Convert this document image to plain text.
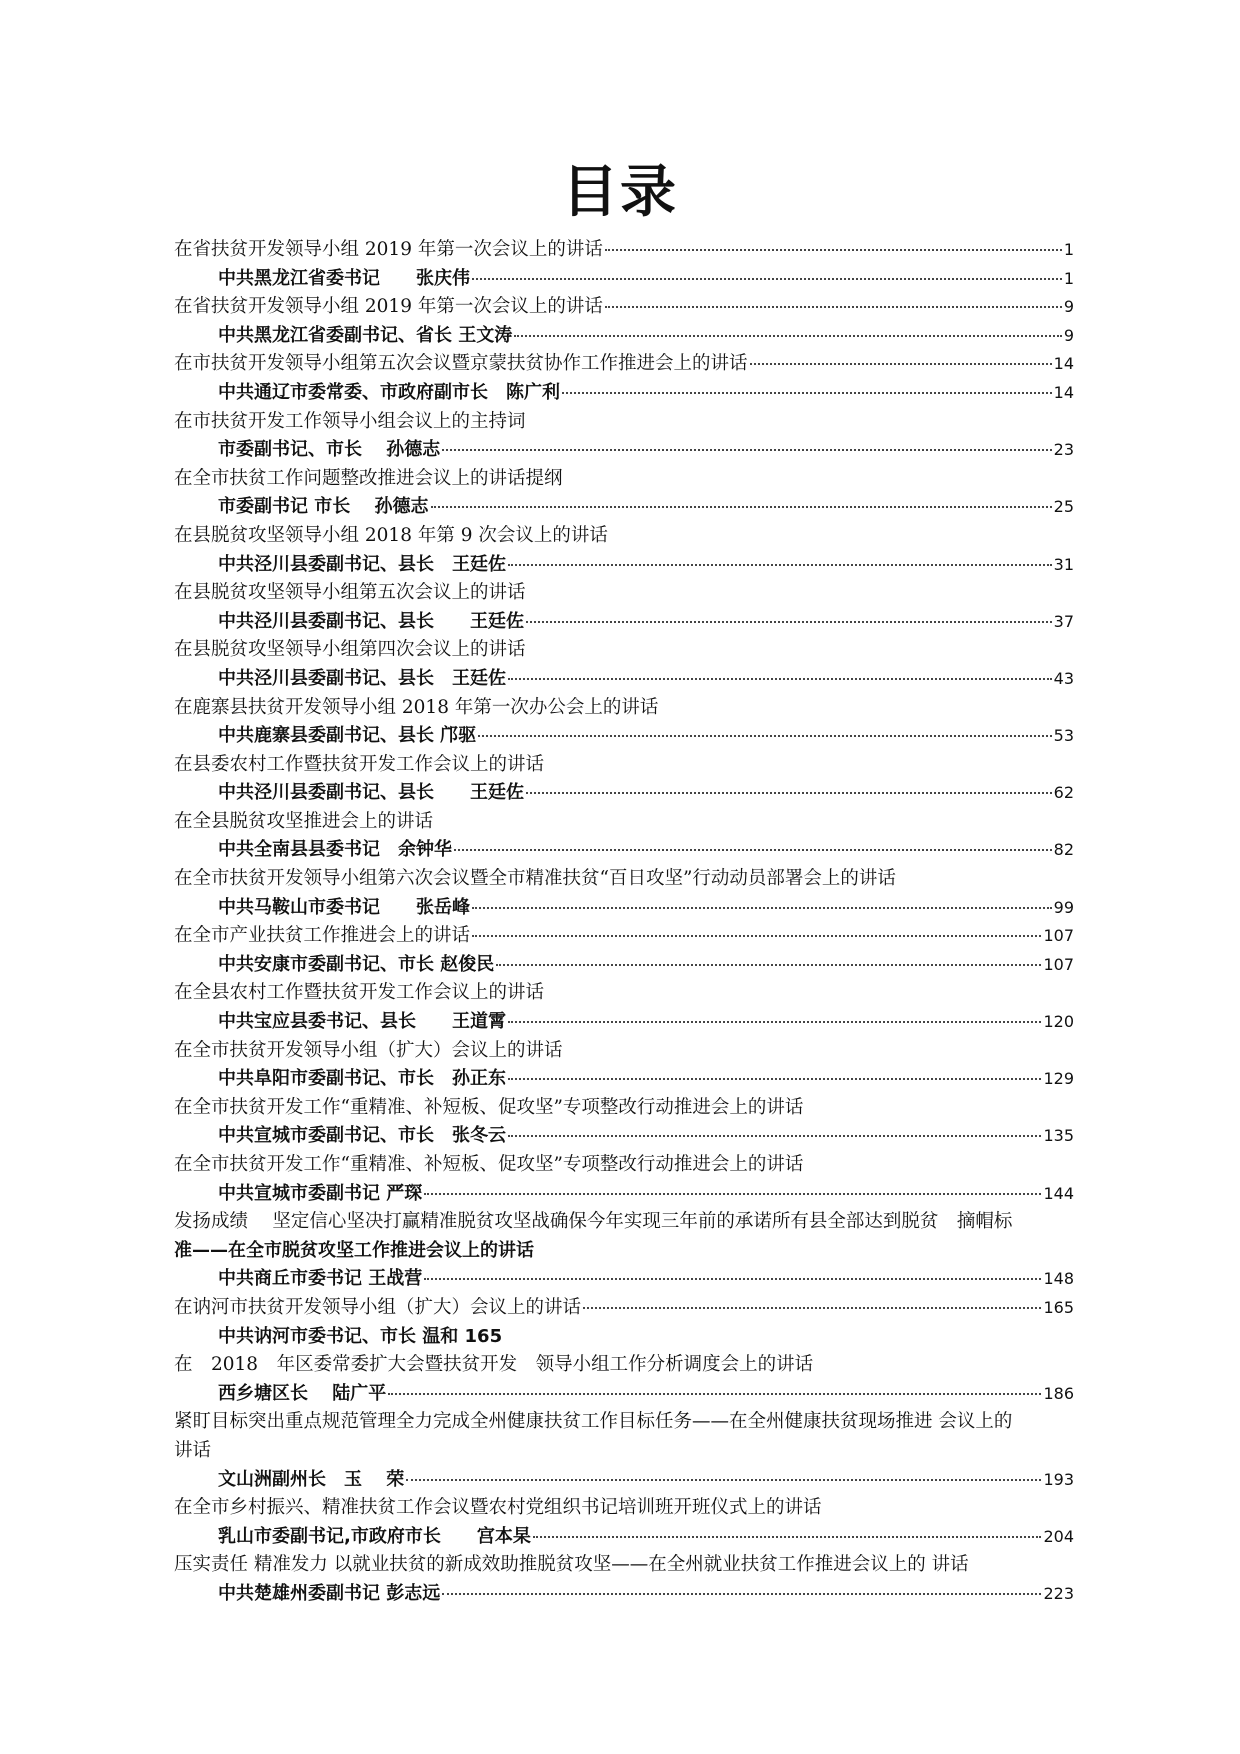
目录
在省扶贫开发领导小组 2019 年第一次会议上的讲话	1
中共黑龙江省委书记　　张庆伟	1
在省扶贫开发领导小组 2019 年第一次会议上的讲话	9
中共黑龙江省委副书记、省长 王文涛	9
在市扶贫开发领导小组第五次会议暨京蒙扶贫协作工作推进会上的讲话	14
中共通辽市委常委、市政府副市长　陈广利	14
在市扶贫开发工作领导小组会议上的主持词
市委副书记、市长　 孙德志	23
在全市扶贫工作问题整改推进会议上的讲话提纲
市委副书记 市长　 孙德志	25
在县脱贫攻坚领导小组 2018 年第 9 次会议上的讲话
中共泾川县委副书记、县长　王廷佐	31
在县脱贫攻坚领导小组第五次会议上的讲话
中共泾川县委副书记、县长　　王廷佐	37
在县脱贫攻坚领导小组第四次会议上的讲话
中共泾川县委副书记、县长　王廷佐	43
在鹿寨县扶贫开发领导小组 2018 年第一次办公会上的讲话
中共鹿寨县委副书记、县长 邝驱	53
在县委农村工作暨扶贫开发工作会议上的讲话
中共泾川县委副书记、县长　　王廷佐	62
在全县脱贫攻坚推进会上的讲话
中共全南县县委书记　余钟华	82
在全市扶贫开发领导小组第六次会议暨全市精准扶贫“百日攻坚”行动动员部署会上的讲话
中共马鞍山市委书记　　张岳峰	99
在全市产业扶贫工作推进会上的讲话	107
中共安康市委副书记、市长 赵俊民	107
在全县农村工作暨扶贫开发工作会议上的讲话
中共宝应县委书记、县长　　王道霄	120
在全市扶贫开发领导小组（扩大）会议上的讲话
中共阜阳市委副书记、市长　孙正东	129
在全市扶贫开发工作“重精准、补短板、促攻坚”专项整改行动推进会上的讲话
中共宣城市委副书记、市长　张冬云	135
在全市扶贫开发工作“重精准、补短板、促攻坚”专项整改行动推进会上的讲话
中共宣城市委副书记 严琛	144
发扬成绩　 坚定信心坚决打赢精准脱贫攻坚战确保今年实现三年前的承诺所有县全部达到脱贫　摘帽标
准——在全市脱贫攻坚工作推进会议上的讲话
中共商丘市委书记 王战营	148
在讷河市扶贫开发领导小组（扩大）会议上的讲话	165
中共讷河市委书记、市长 温和 165
在　2018　年区委常委扩大会暨扶贫开发　领导小组工作分析调度会上的讲话
西乡塘区长　 陆广平	186
紧盯目标突出重点规范管理全力完成全州健康扶贫工作目标任务——在全州健康扶贫现场推进 会议上的
讲话
文山洲副州长　玉　 荣	193
在全市乡村振兴、精准扶贫工作会议暨农村党组织书记培训班开班仪式上的讲话
乳山市委副书记,市政府市长　　宫本杲	204
压实责任 精准发力 以就业扶贫的新成效助推脱贫攻坚——在全州就业扶贫工作推进会议上的 讲话
中共楚雄州委副书记 彭志远	223
